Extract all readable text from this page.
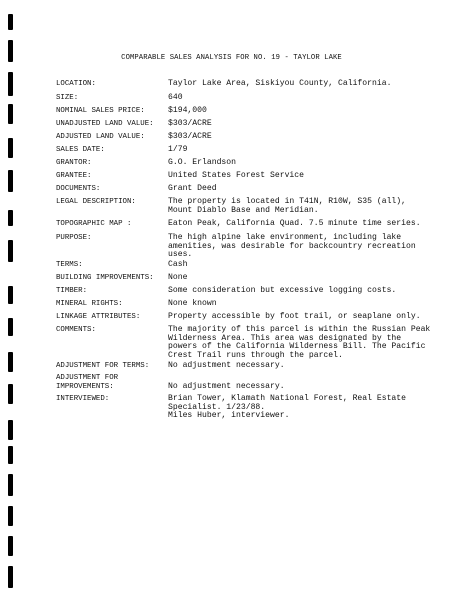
COMPARABLE SALES ANALYSIS FOR NO. 19 - TAYLOR LAKE
LOCATION:	Taylor Lake Area, Siskiyou County, California.
SIZE:	640
NOMINAL SALES PRICE:	$194,000
UNADJUSTED LAND VALUE:	$303/ACRE
ADJUSTED LAND VALUE:	$303/ACRE
SALES DATE:	1/79
GRANTOR:	G.O. Erlandson
GRANTEE:	United States Forest Service
DOCUMENTS:	Grant Deed
LEGAL DESCRIPTION:	The property is located in T41N, R10W, S35 (all),
Mount Diablo Base and Meridian.
TOPOGRAPHIC MAP :	Eaton Peak, California Quad. 7.5 minute time series.
PURPOSE:	The high alpine lake environment, including lake
amenities, was desirable for backcountry recreation
uses.
TERMS:	Cash
BUILDING IMPROVEMENTS:	None
TIMBER:	Some consideration but excessive logging costs.
MINERAL RIGHTS:	None known
LINKAGE ATTRIBUTES:	Property accessible by foot trail, or seaplane only.
COMMENTS:	The majority of this parcel is within the Russian Peak
Wilderness Area. This area was designated by the
powers of the California Wilderness Bill. The Pacific
Crest Trail runs through the parcel.
ADJUSTMENT FOR TERMS:	No adjustment necessary.
ADJUSTMENT FOR
IMPROVEMENTS:	No adjustment necessary.
INTERVIEWED:	Brian Tower, Klamath National Forest, Real Estate
Specialist. 1/23/88.
Miles Huber, interviewer.
